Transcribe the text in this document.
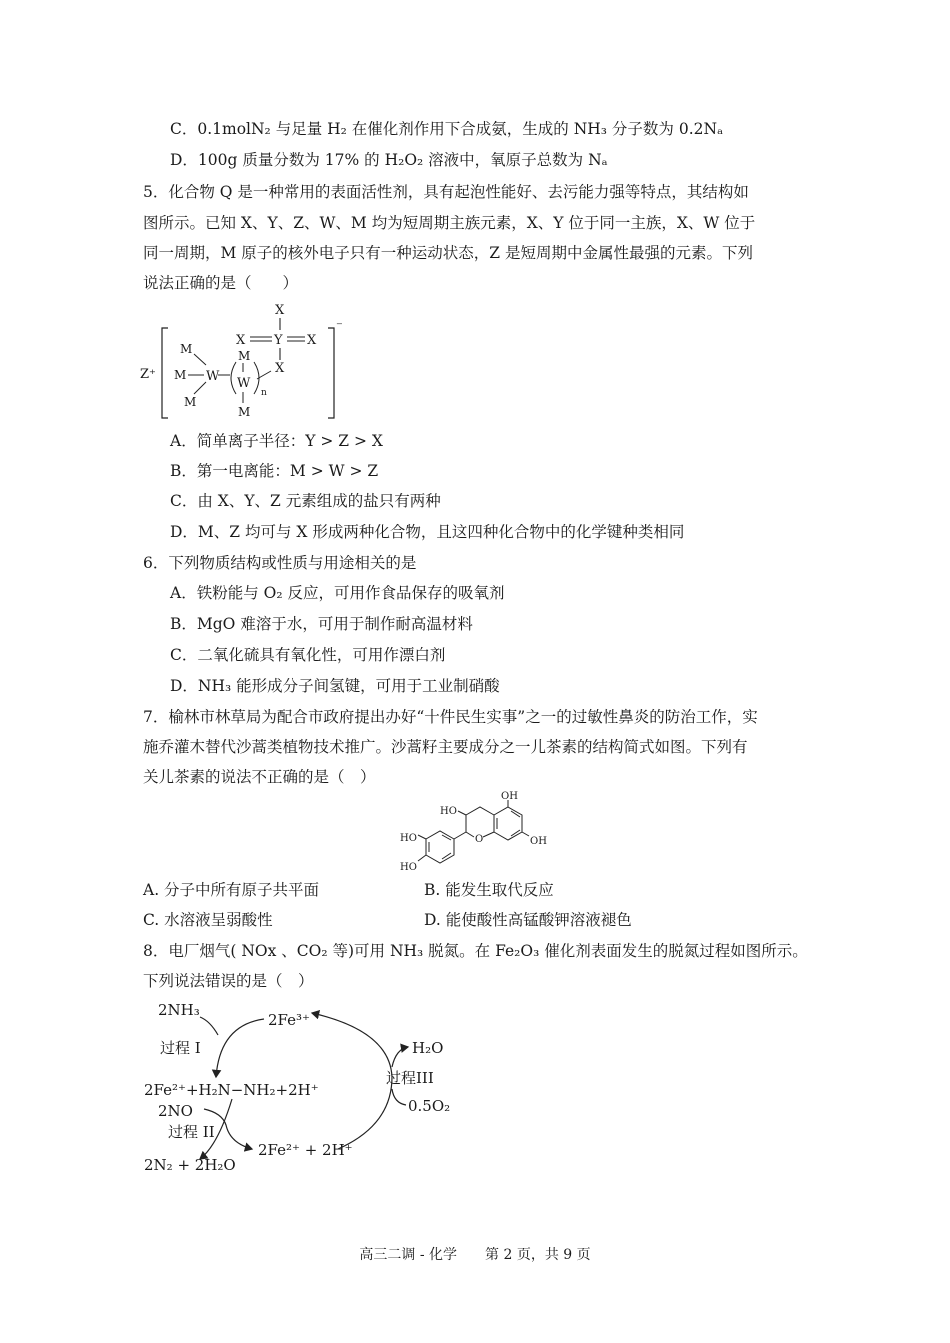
C．0.1molN₂ 与足量 H₂ 在催化剂作用下合成氨，生成的 NH₃ 分子数为 0.2Nₐ
D．100g 质量分数为 17% 的 H₂O₂ 溶液中，氧原子总数为 Nₐ
5．化合物 Q 是一种常用的表面活性剂，具有起泡性能好、去污能力强等特点，其结构如
图所示。已知 X、Y、Z、W、M 均为短周期主族元素，X、Y 位于同一主族，X、W 位于
同一周期，M 原子的核外电子只有一种运动状态，Z 是短周期中金属性最强的元素。下列
说法正确的是（　　）
Z⁺
⁻
X
X Y X
X
M
M
M
W
M
W
M
n
A．简单离子半径：Y > Z > X
B．第一电离能：M > W > Z
C．由 X、Y、Z 元素组成的盐只有两种
D．M、Z 均可与 X 形成两种化合物，且这四种化合物中的化学键种类相同
6．下列物质结构或性质与用途相关的是
A．铁粉能与 O₂ 反应，可用作食品保存的吸氧剂
B．MgO 难溶于水，可用于制作耐高温材料
C．二氧化硫具有氧化性，可用作漂白剂
D．NH₃ 能形成分子间氢键，可用于工业制硝酸
7．榆林市林草局为配合市政府提出办好“十件民生实事”之一的过敏性鼻炎的防治工作，实
施乔灌木替代沙蒿类植物技术推广。沙蒿籽主要成分之一儿茶素的结构简式如图。下列有
关儿茶素的说法不正确的是（　）
OH
OH
O
HO
HO
HO
A. 分子中所有原子共平面	B. 能发生取代反应
C. 水溶液呈弱酸性	D. 能使酸性高锰酸钾溶液褪色
8．电厂烟气( NOx 、CO₂ 等)可用 NH₃ 脱氮。在 Fe₂O₃ 催化剂表面发生的脱氮过程如图所示。
下列说法错误的是（　）
2NH₃
2Fe³⁺
过程 I
2Fe²⁺+H₂N−NH₂+2H⁺
2NO
过程 II
2N₂ + 2H₂O
2Fe²⁺ + 2H⁺
H₂O
过程III
0.5O₂
高三二调 - 化学　　第 2 页，共 9 页
